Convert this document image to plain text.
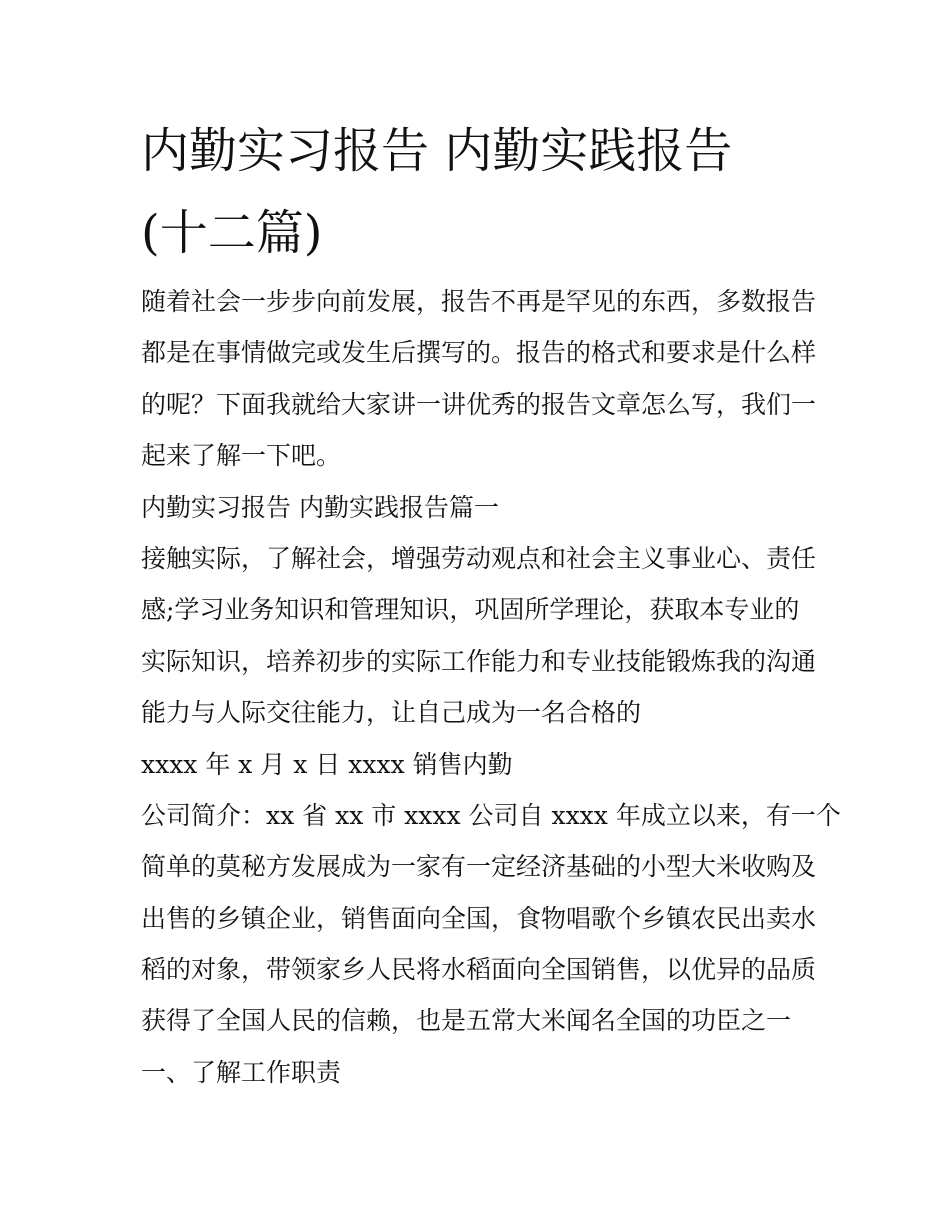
内勤实习报告 内勤实践报告
(十二篇)
随着社会一步步向前发展，报告不再是罕见的东西，多数报告
都是在事情做完或发生后撰写的。报告的格式和要求是什么样
的呢？下面我就给大家讲一讲优秀的报告文章怎么写，我们一
起来了解一下吧。
内勤实习报告 内勤实践报告篇一
接触实际，了解社会，增强劳动观点和社会主义事业心、责任
感;学习业务知识和管理知识，巩固所学理论，获取本专业的
实际知识，培养初步的实际工作能力和专业技能锻炼我的沟通
能力与人际交往能力，让自己成为一名合格的
xxxx 年 x 月 x 日 xxxx 销售内勤
公司简介：xx 省 xx 市 xxxx 公司自 xxxx 年成立以来，有一个
简单的莫秘方发展成为一家有一定经济基础的小型大米收购及
出售的乡镇企业，销售面向全国，食物唱歌个乡镇农民出卖水
稻的对象，带领家乡人民将水稻面向全国销售，以优异的品质
获得了全国人民的信赖，也是五常大米闻名全国的功臣之一
一、了解工作职责
